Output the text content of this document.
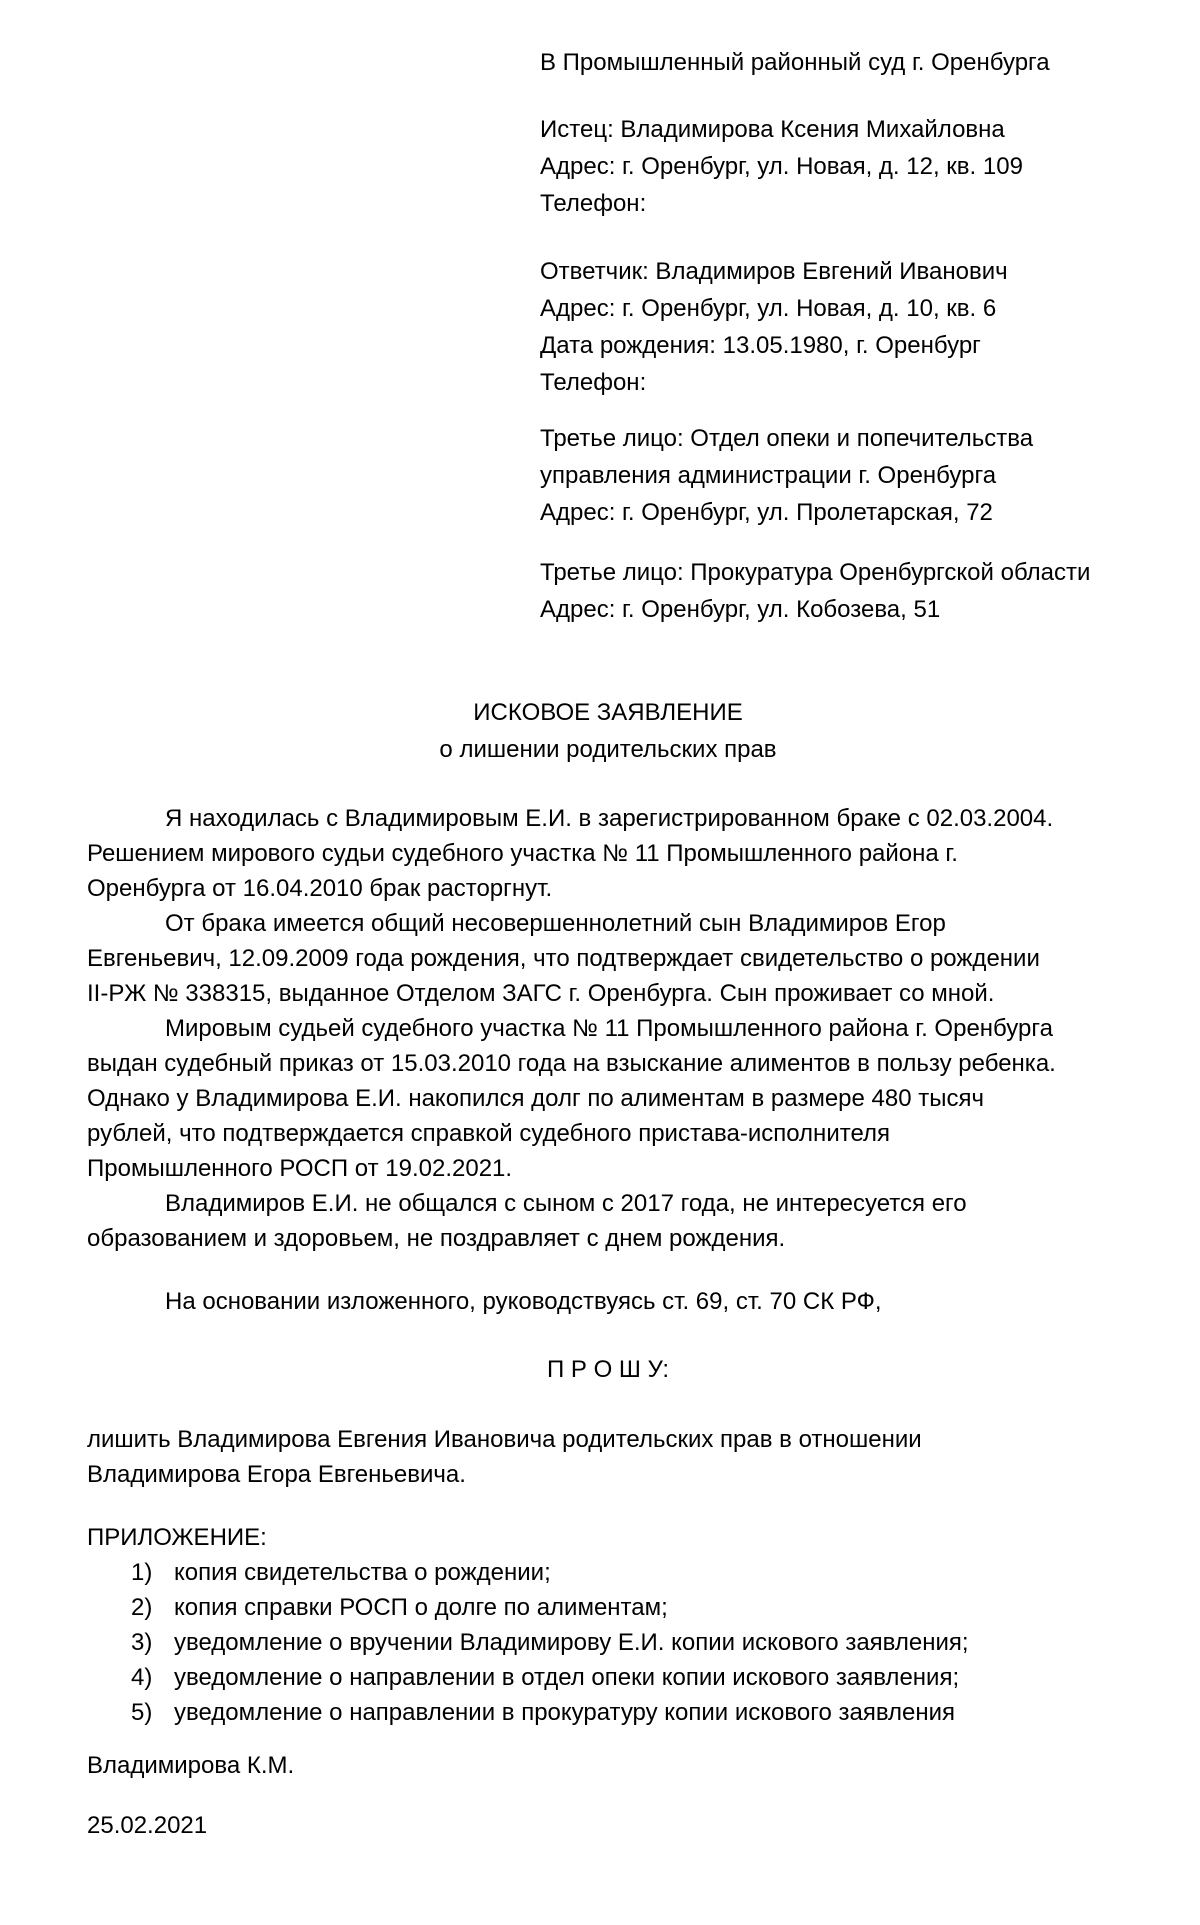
В Промышленный районный суд г. Оренбурга
Истец: Владимирова Ксения Михайловна
Адрес: г. Оренбург, ул. Новая, д. 12, кв. 109
Телефон:
Ответчик: Владимиров Евгений Иванович
Адрес: г. Оренбург, ул. Новая, д. 10, кв. 6
Дата рождения: 13.05.1980, г. Оренбург
Телефон:
Третье лицо: Отдел опеки и попечительства
управления администрации г. Оренбурга
Адрес: г. Оренбург, ул. Пролетарская, 72
Третье лицо: Прокуратура Оренбургской области
Адрес: г. Оренбург, ул. Кобозева, 51
ИСКОВОЕ ЗАЯВЛЕНИЕ
о лишении родительских прав
Я находилась с Владимировым Е.И. в зарегистрированном браке с 02.03.2004.
Решением мирового судьи судебного участка № 11 Промышленного района г.
Оренбурга от 16.04.2010 брак расторгнут.
От брака имеется общий несовершеннолетний сын Владимиров Егор
Евгеньевич, 12.09.2009 года рождения, что подтверждает свидетельство о рождении
II-РЖ № 338315, выданное Отделом ЗАГС г. Оренбурга. Сын проживает со мной.
Мировым судьей судебного участка № 11 Промышленного района г. Оренбурга
выдан судебный приказ от 15.03.2010 года на взыскание алиментов в пользу ребенка.
Однако у Владимирова Е.И. накопился долг по алиментам в размере 480 тысяч
рублей, что подтверждается справкой судебного пристава-исполнителя
Промышленного РОСП от 19.02.2021.
Владимиров Е.И. не общался с сыном с 2017 года, не интересуется его
образованием и здоровьем, не поздравляет с днем рождения.
На основании изложенного, руководствуясь ст. 69, ст. 70 СК РФ,
П Р О Ш У:
лишить Владимирова Евгения Ивановича родительских прав в отношении
Владимирова Егора Евгеньевича.
ПРИЛОЖЕНИЕ:
1) копия свидетельства о рождении;
2) копия справки РОСП о долге по алиментам;
3) уведомление о вручении Владимирову Е.И. копии искового заявления;
4) уведомление о направлении в отдел опеки копии искового заявления;
5) уведомление о направлении в прокуратуру копии искового заявления
Владимирова К.М.
25.02.2021
